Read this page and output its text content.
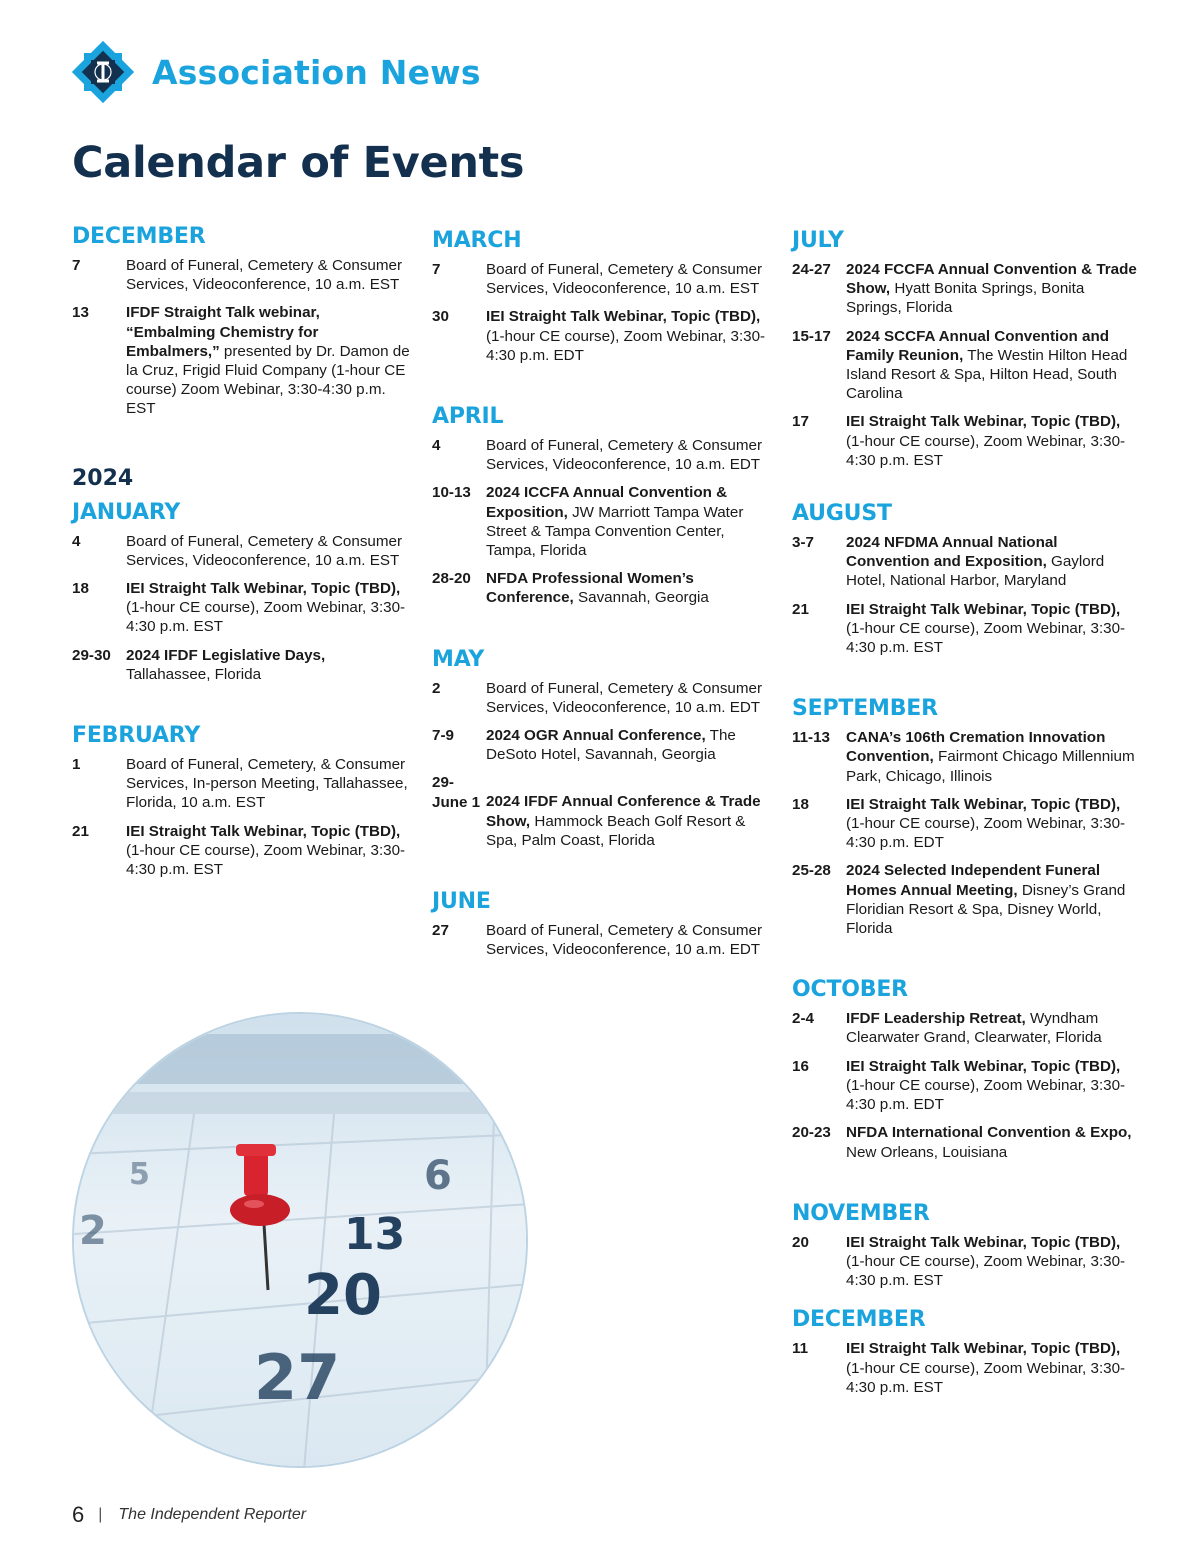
Association News
Calendar of Events
DECEMBER
7	Board of Funeral, Cemetery & Consumer Services, Videoconference, 10 a.m. EST
13	IFDF Straight Talk webinar, “Embalming Chemistry for Embalmers,” presented by Dr. Damon de la Cruz, Frigid Fluid Company (1-hour CE course) Zoom Webinar, 3:30-4:30 p.m. EST
2024
JANUARY
4	Board of Funeral, Cemetery & Consumer Services, Videoconference, 10 a.m. EST
18	IEI Straight Talk Webinar, Topic (TBD), (1-hour CE course), Zoom Webinar, 3:30-4:30 p.m. EST
29-30 2024 IFDF Legislative Days, Tallahassee, Florida
FEBRUARY
1	Board of Funeral, Cemetery, & Consumer Services, In-person Meeting, Tallahassee, Florida, 10 a.m. EST
21	IEI Straight Talk Webinar, Topic (TBD), (1-hour CE course), Zoom Webinar, 3:30-4:30 p.m. EST
MARCH
7	Board of Funeral, Cemetery & Consumer Services, Videoconference, 10 a.m. EST
30	IEI Straight Talk Webinar, Topic (TBD), (1-hour CE course), Zoom Webinar, 3:30-4:30 p.m. EDT
APRIL
4	Board of Funeral, Cemetery & Consumer Services, Videoconference, 10 a.m. EDT
10-13 2024 ICCFA Annual Convention & Exposition, JW Marriott Tampa Water Street & Tampa Convention Center, Tampa, Florida
28-20 NFDA Professional Women’s Conference, Savannah, Georgia
MAY
2	Board of Funeral, Cemetery & Consumer Services, Videoconference, 10 a.m. EDT
7-9	2024 OGR Annual Conference, The DeSoto Hotel, Savannah, Georgia
29-
June 1 2024 IFDF Annual Conference & Trade Show, Hammock Beach Golf Resort & Spa, Palm Coast, Florida
JUNE
27	Board of Funeral, Cemetery & Consumer Services, Videoconference, 10 a.m. EDT
JULY
24-27 2024 FCCFA Annual Convention & Trade Show, Hyatt Bonita Springs, Bonita Springs, Florida
15-17 2024 SCCFA Annual Convention and Family Reunion, The Westin Hilton Head Island Resort & Spa, Hilton Head, South Carolina
17	IEI Straight Talk Webinar, Topic (TBD), (1-hour CE course), Zoom Webinar, 3:30-4:30 p.m. EST
AUGUST
3-7	2024 NFDMA Annual National Convention and Exposition, Gaylord Hotel, National Harbor, Maryland
21	IEI Straight Talk Webinar, Topic (TBD), (1-hour CE course), Zoom Webinar, 3:30-4:30 p.m. EST
SEPTEMBER
11-13	CANA’s 106th Cremation Innovation Convention, Fairmont Chicago Millennium Park, Chicago, Illinois
18	IEI Straight Talk Webinar, Topic (TBD), (1-hour CE course), Zoom Webinar, 3:30-4:30 p.m. EDT
25-28 2024 Selected Independent Funeral Homes Annual Meeting, Disney’s Grand Floridian Resort & Spa, Disney World, Florida
OCTOBER
2-4	IFDF Leadership Retreat, Wyndham Clearwater Grand, Clearwater, Florida
16	IEI Straight Talk Webinar, Topic (TBD), (1-hour CE course), Zoom Webinar, 3:30-4:30 p.m. EDT
20-23 NFDA International Convention & Expo, New Orleans, Louisiana
NOVEMBER
20	IEI Straight Talk Webinar, Topic (TBD), (1-hour CE course), Zoom Webinar, 3:30-4:30 p.m. EST
DECEMBER
11	IEI Straight Talk Webinar, Topic (TBD), (1-hour CE course), Zoom Webinar, 3:30-4:30 p.m. EST
5	6
2	13
20
27
6 | The Independent Reporter
